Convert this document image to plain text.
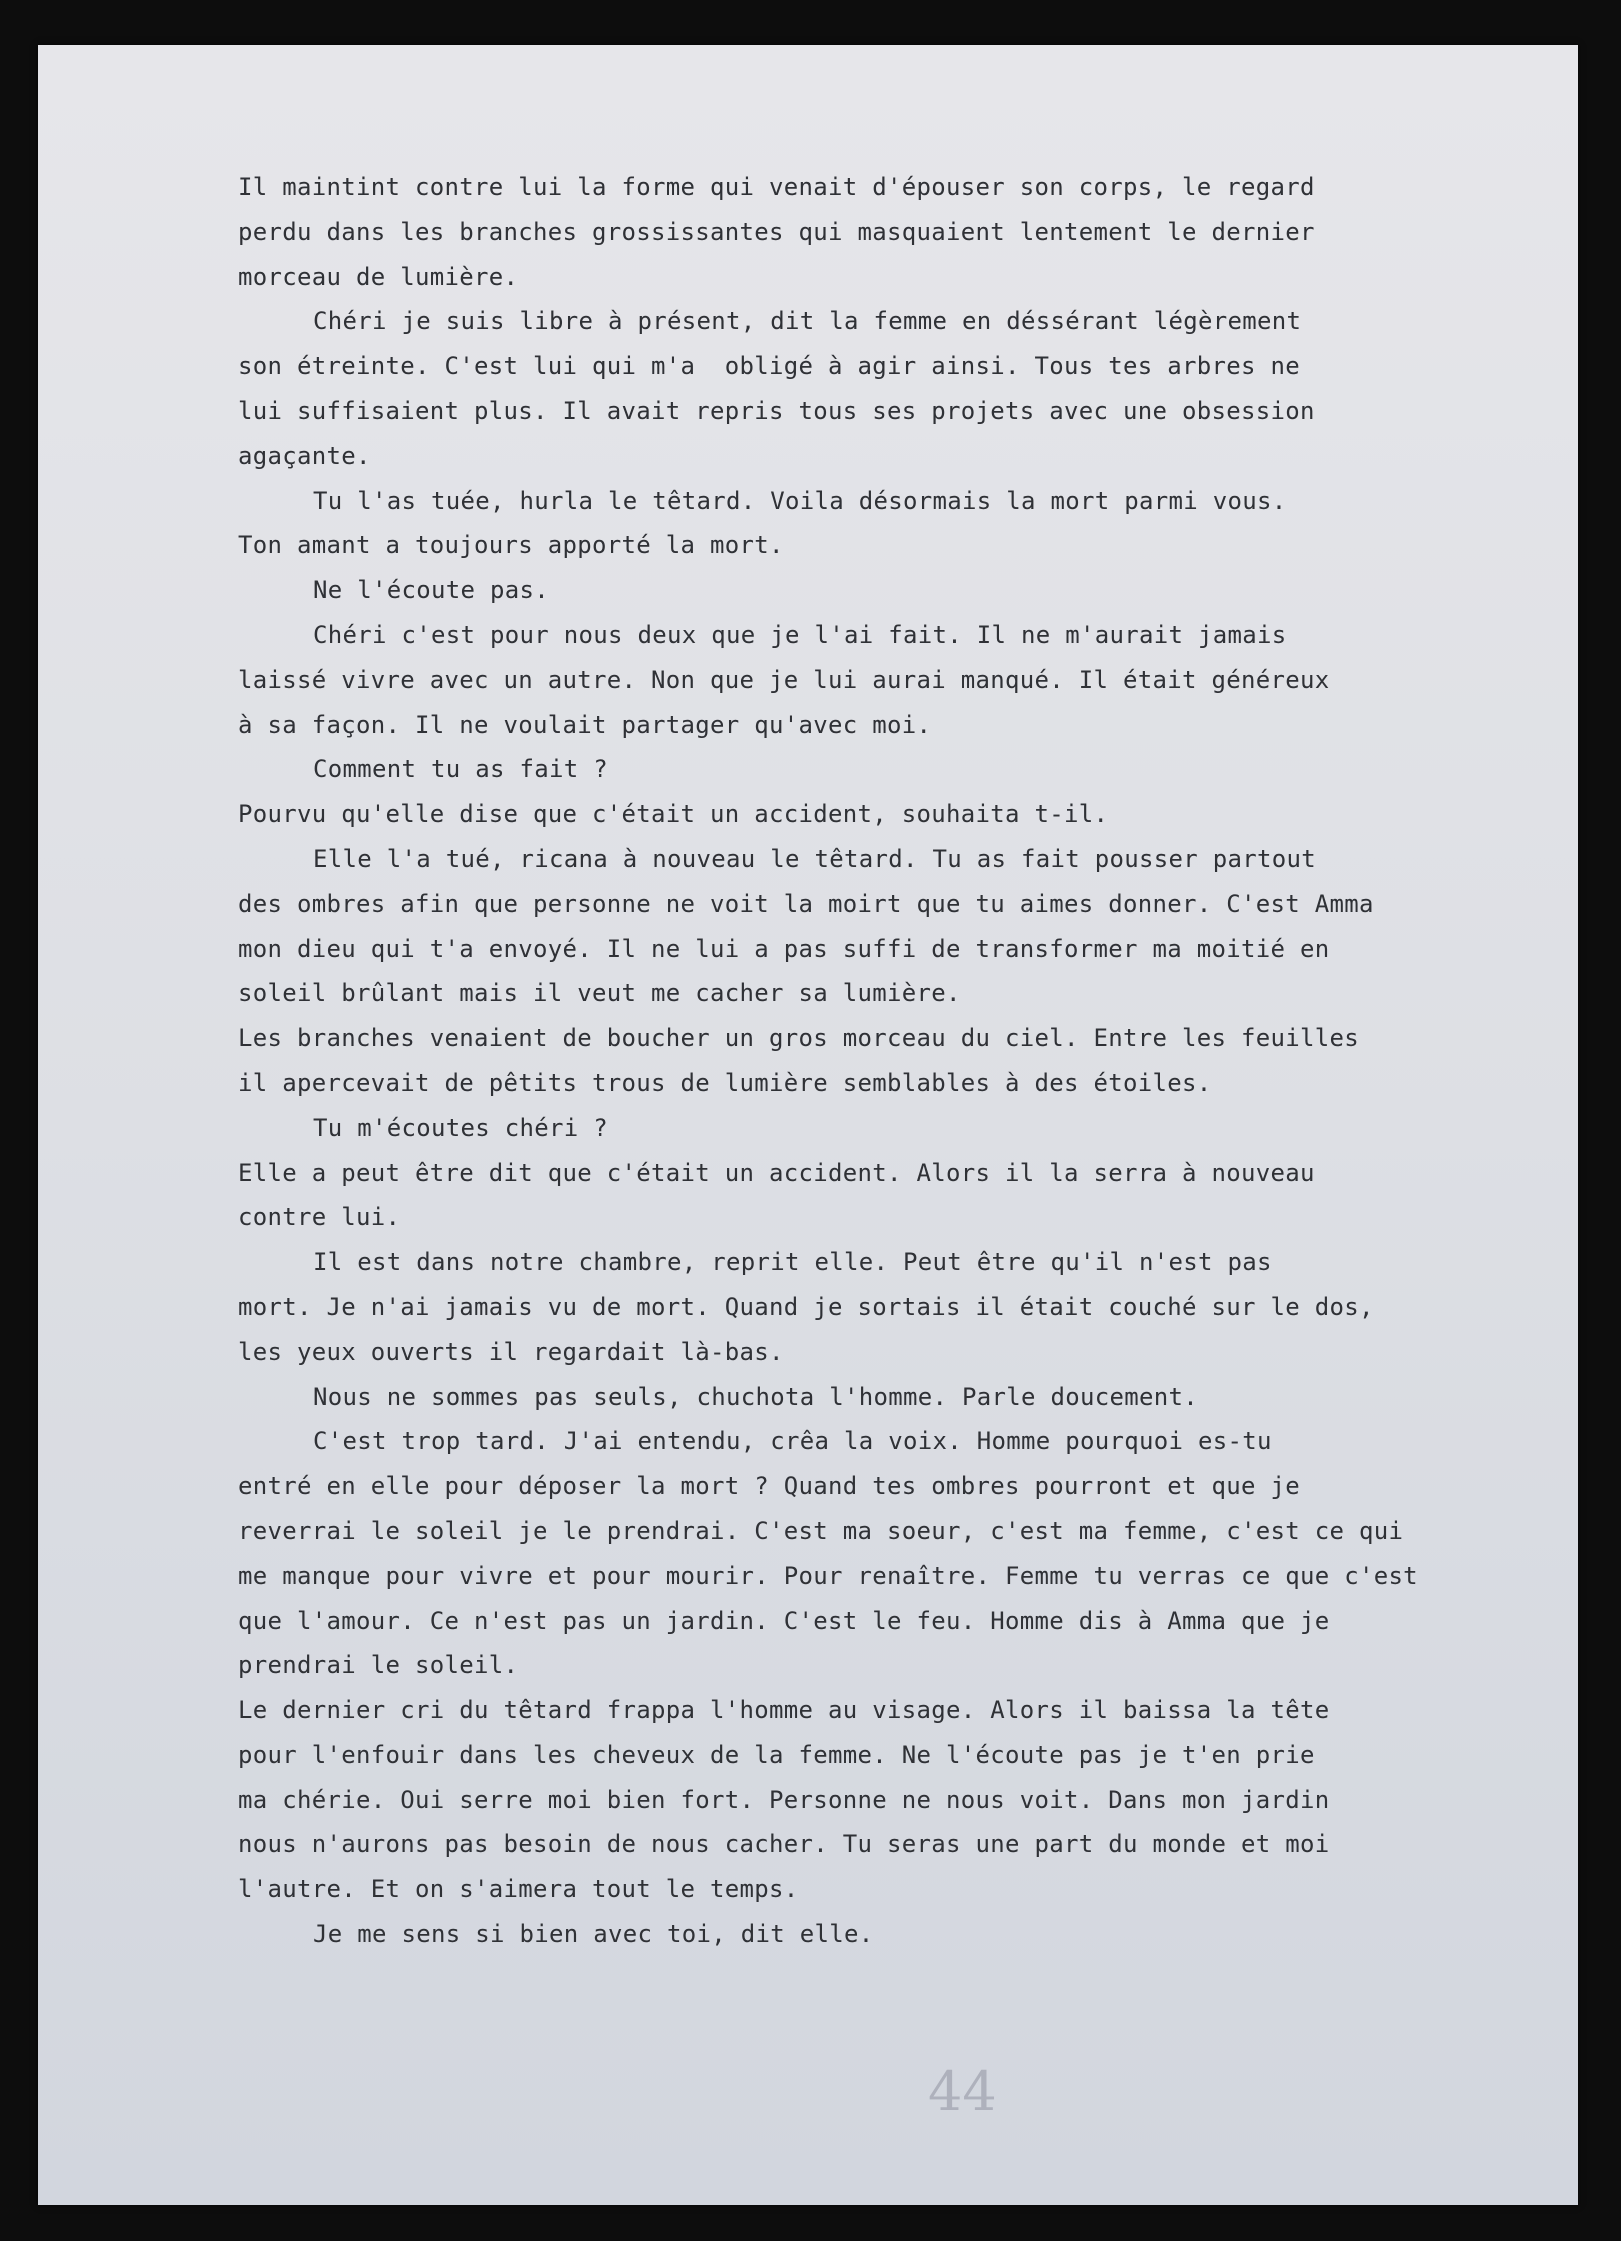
Il maintint contre lui la forme qui venait d'épouser son corps, le regard
perdu dans les branches grossissantes qui masquaient lentement le dernier
morceau de lumière.
Chéri je suis libre à présent, dit la femme en déssérant légèrement
son étreinte. C'est lui qui m'a  obligé à agir ainsi. Tous tes arbres ne
lui suffisaient plus. Il avait repris tous ses projets avec une obsession
agaçante.
Tu l'as tuée, hurla le têtard. Voila désormais la mort parmi vous.
Ton amant a toujours apporté la mort.
Ne l'écoute pas.
Chéri c'est pour nous deux que je l'ai fait. Il ne m'aurait jamais
laissé vivre avec un autre. Non que je lui aurai manqué. Il était généreux
à sa façon. Il ne voulait partager qu'avec moi.
Comment tu as fait ?
Pourvu qu'elle dise que c'était un accident, souhaita t-il.
Elle l'a tué, ricana à nouveau le têtard. Tu as fait pousser partout
des ombres afin que personne ne voit la moirt que tu aimes donner. C'est Amma
mon dieu qui t'a envoyé. Il ne lui a pas suffi de transformer ma moitié en
soleil brûlant mais il veut me cacher sa lumière.
Les branches venaient de boucher un gros morceau du ciel. Entre les feuilles
il apercevait de pêtits trous de lumière semblables à des étoiles.
Tu m'écoutes chéri ?
Elle a peut être dit que c'était un accident. Alors il la serra à nouveau
contre lui.
Il est dans notre chambre, reprit elle. Peut être qu'il n'est pas
mort. Je n'ai jamais vu de mort. Quand je sortais il était couché sur le dos,
les yeux ouverts il regardait là-bas.
Nous ne sommes pas seuls, chuchota l'homme. Parle doucement.
C'est trop tard. J'ai entendu, crêa la voix. Homme pourquoi es-tu
entré en elle pour déposer la mort ? Quand tes ombres pourront et que je
reverrai le soleil je le prendrai. C'est ma soeur, c'est ma femme, c'est ce qui
me manque pour vivre et pour mourir. Pour renaître. Femme tu verras ce que c'est
que l'amour. Ce n'est pas un jardin. C'est le feu. Homme dis à Amma que je
prendrai le soleil.
Le dernier cri du têtard frappa l'homme au visage. Alors il baissa la tête
pour l'enfouir dans les cheveux de la femme. Ne l'écoute pas je t'en prie
ma chérie. Oui serre moi bien fort. Personne ne nous voit. Dans mon jardin
nous n'aurons pas besoin de nous cacher. Tu seras une part du monde et moi
l'autre. Et on s'aimera tout le temps.
Je me sens si bien avec toi, dit elle.
44
